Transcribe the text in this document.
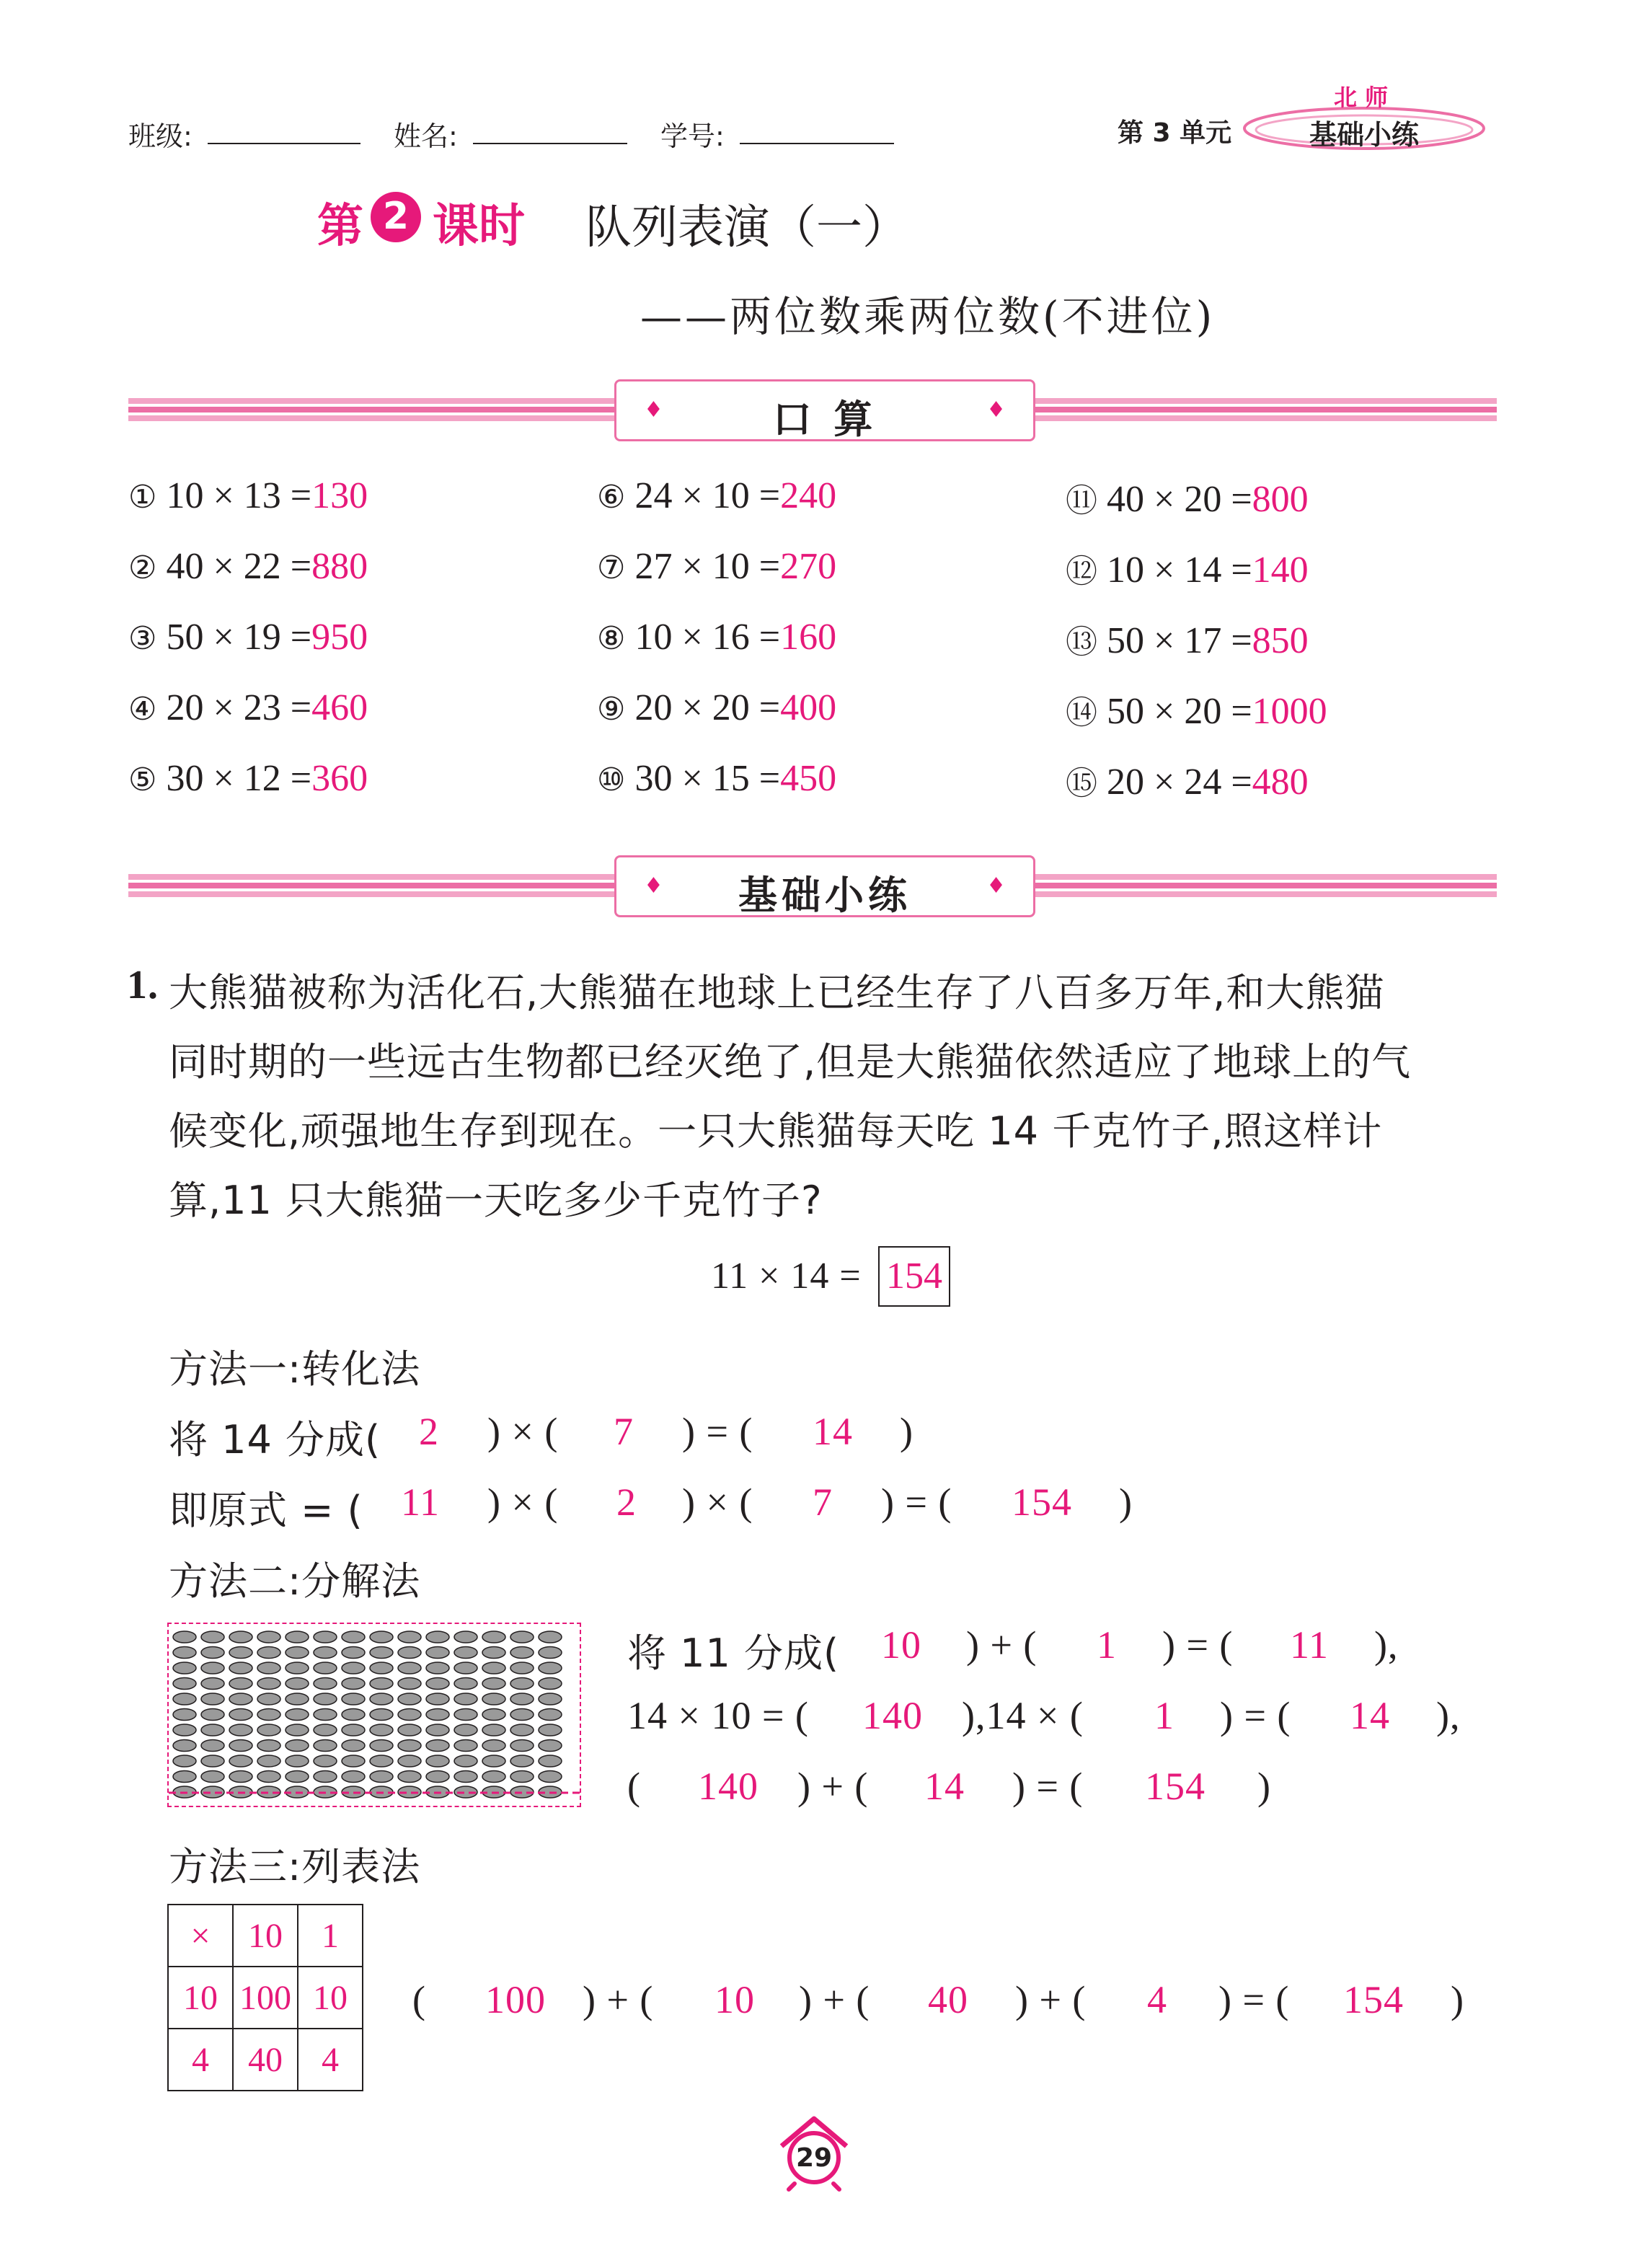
班级:	姓名:	学号:	第 3 单元	基础小练
北 师
第 2 课时 队列表演（一）
——两位数乘两位数(不进位)
♦	口 算	♦
① 10 × 13 =130
② 40 × 22 =880
③ 50 × 19 =950
④ 20 × 23 =460
⑤ 30 × 12 =360
⑥ 24 × 10 =240
⑦ 27 × 10 =270
⑧ 10 × 16 =160
⑨ 20 × 20 =400
⑩ 30 × 15 =450
⑪ 40 × 20 =800
⑫ 10 × 14 =140
⑬ 50 × 17 =850
⑭ 50 × 20 =1000
⑮ 20 × 24 =480
♦	基础小练	♦
1. 大熊猫被称为活化石,大熊猫在地球上已经生存了八百多万年,和大熊猫
同时期的一些远古生物都已经灭绝了,但是大熊猫依然适应了地球上的气
候变化,顽强地生存到现在。一只大熊猫每天吃 14 千克竹子,照这样计
算,11 只大熊猫一天吃多少千克竹子?
11 × 14 = 154
方法一:转化法
将 14 分成( 2	) × (	7	) = (	14	)
即原式 = ( 11	) × (	2	) × (	7	) = (	154	)
方法二:分解法
将 11 分成(	10	) + (	1	) = (	11	),
14 × 10 = (	140	),14 × (	1	) = (	14	),
(	140	) + (	14	) = (	154	)
方法三:列表法
×	10	1
10	100	10
4	40	4
(	100 ) + (	10	) + (	40	) + (	4	) = (	154	)
29
